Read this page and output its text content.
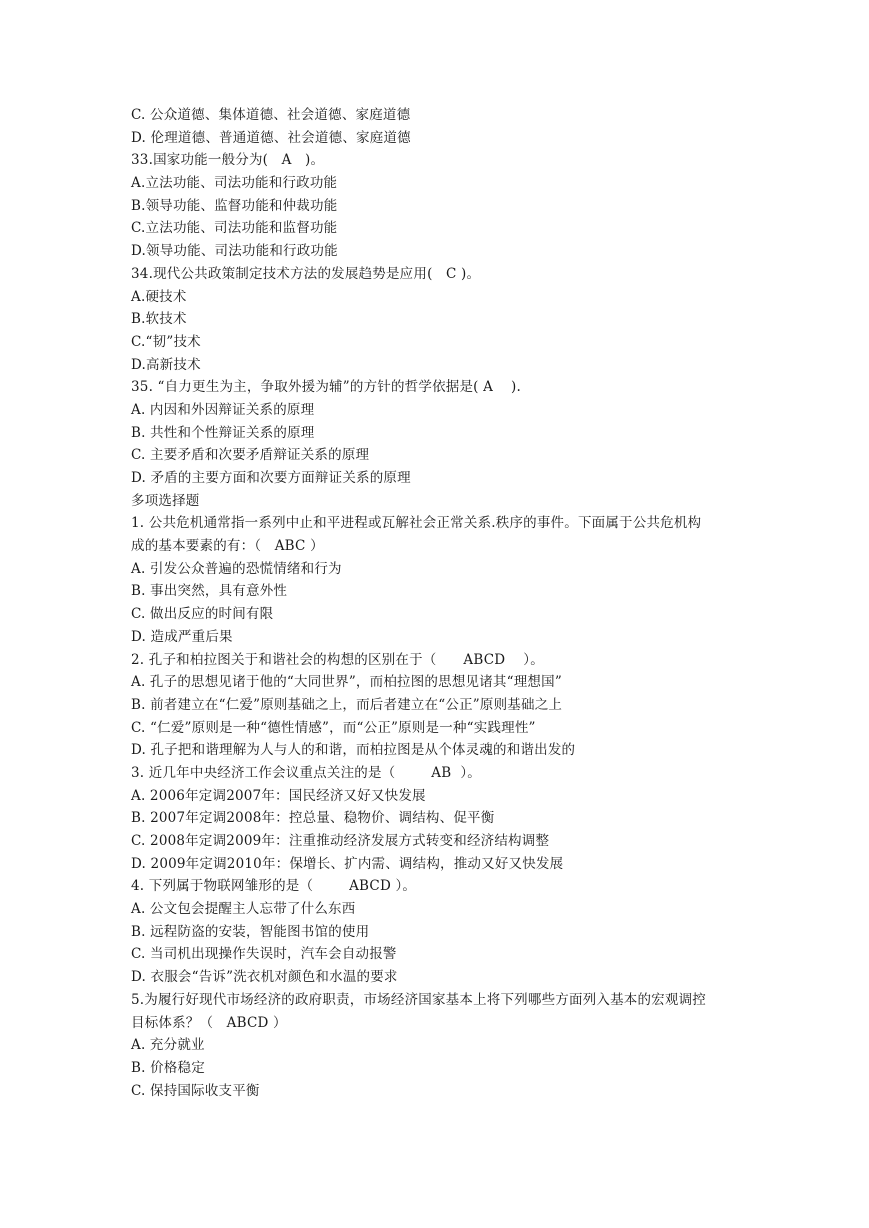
C. 公众道德、集体道德、社会道德、家庭道德
D. 伦理道德、普通道德、社会道德、家庭道德
33.国家功能一般分为(   A   )。
A.立法功能、司法功能和行政功能
B.领导功能、监督功能和仲裁功能
C.立法功能、司法功能和监督功能
D.领导功能、司法功能和行政功能
34.现代公共政策制定技术方法的发展趋势是应用(   C )。
A.硬技术
B.软技术
C.“韧”技术
D.高新技术
35. “自力更生为主，争取外援为辅”的方针的哲学依据是( A    ).
A. 内因和外因辩证关系的原理
B. 共性和个性辩证关系的原理
C. 主要矛盾和次要矛盾辩证关系的原理
D. 矛盾的主要方面和次要方面辩证关系的原理
多项选择题
1. 公共危机通常指一系列中止和平进程或瓦解社会正常关系.秩序的事件。下面属于公共危机构
成的基本要素的有：（   ABC ）
A. 引发公众普遍的恐慌情绪和行为
B. 事出突然，具有意外性
C. 做出反应的时间有限
D. 造成严重后果
2. 孔子和柏拉图关于和谐社会的构想的区别在于（      ABCD    ）。
A. 孔子的思想见诸于他的“大同世界”，而柏拉图的思想见诸其“理想国”
B. 前者建立在“仁爱”原则基础之上，而后者建立在“公正”原则基础之上
C. “仁爱”原则是一种“德性情感”，而“公正”原则是一种“实践理性”
D. 孔子把和谐理解为人与人的和谐，而柏拉图是从个体灵魂的和谐出发的
3. 近几年中央经济工作会议重点关注的是（        AB  ）。
A. 2006年定调2007年：国民经济又好又快发展
B. 2007年定调2008年：控总量、稳物价、调结构、促平衡
C. 2008年定调2009年：注重推动经济发展方式转变和经济结构调整
D. 2009年定调2010年：保增长、扩内需、调结构，推动又好又快发展
4. 下列属于物联网雏形的是（        ABCD ）。
A. 公文包会提醒主人忘带了什么东西
B. 远程防盗的安装，智能图书馆的使用
C. 当司机出现操作失误时，汽车会自动报警
D. 衣服会“告诉”洗衣机对颜色和水温的要求
5.为履行好现代市场经济的政府职责，市场经济国家基本上将下列哪些方面列入基本的宏观调控
目标体系？（   ABCD ）
A. 充分就业
B. 价格稳定
C. 保持国际收支平衡
